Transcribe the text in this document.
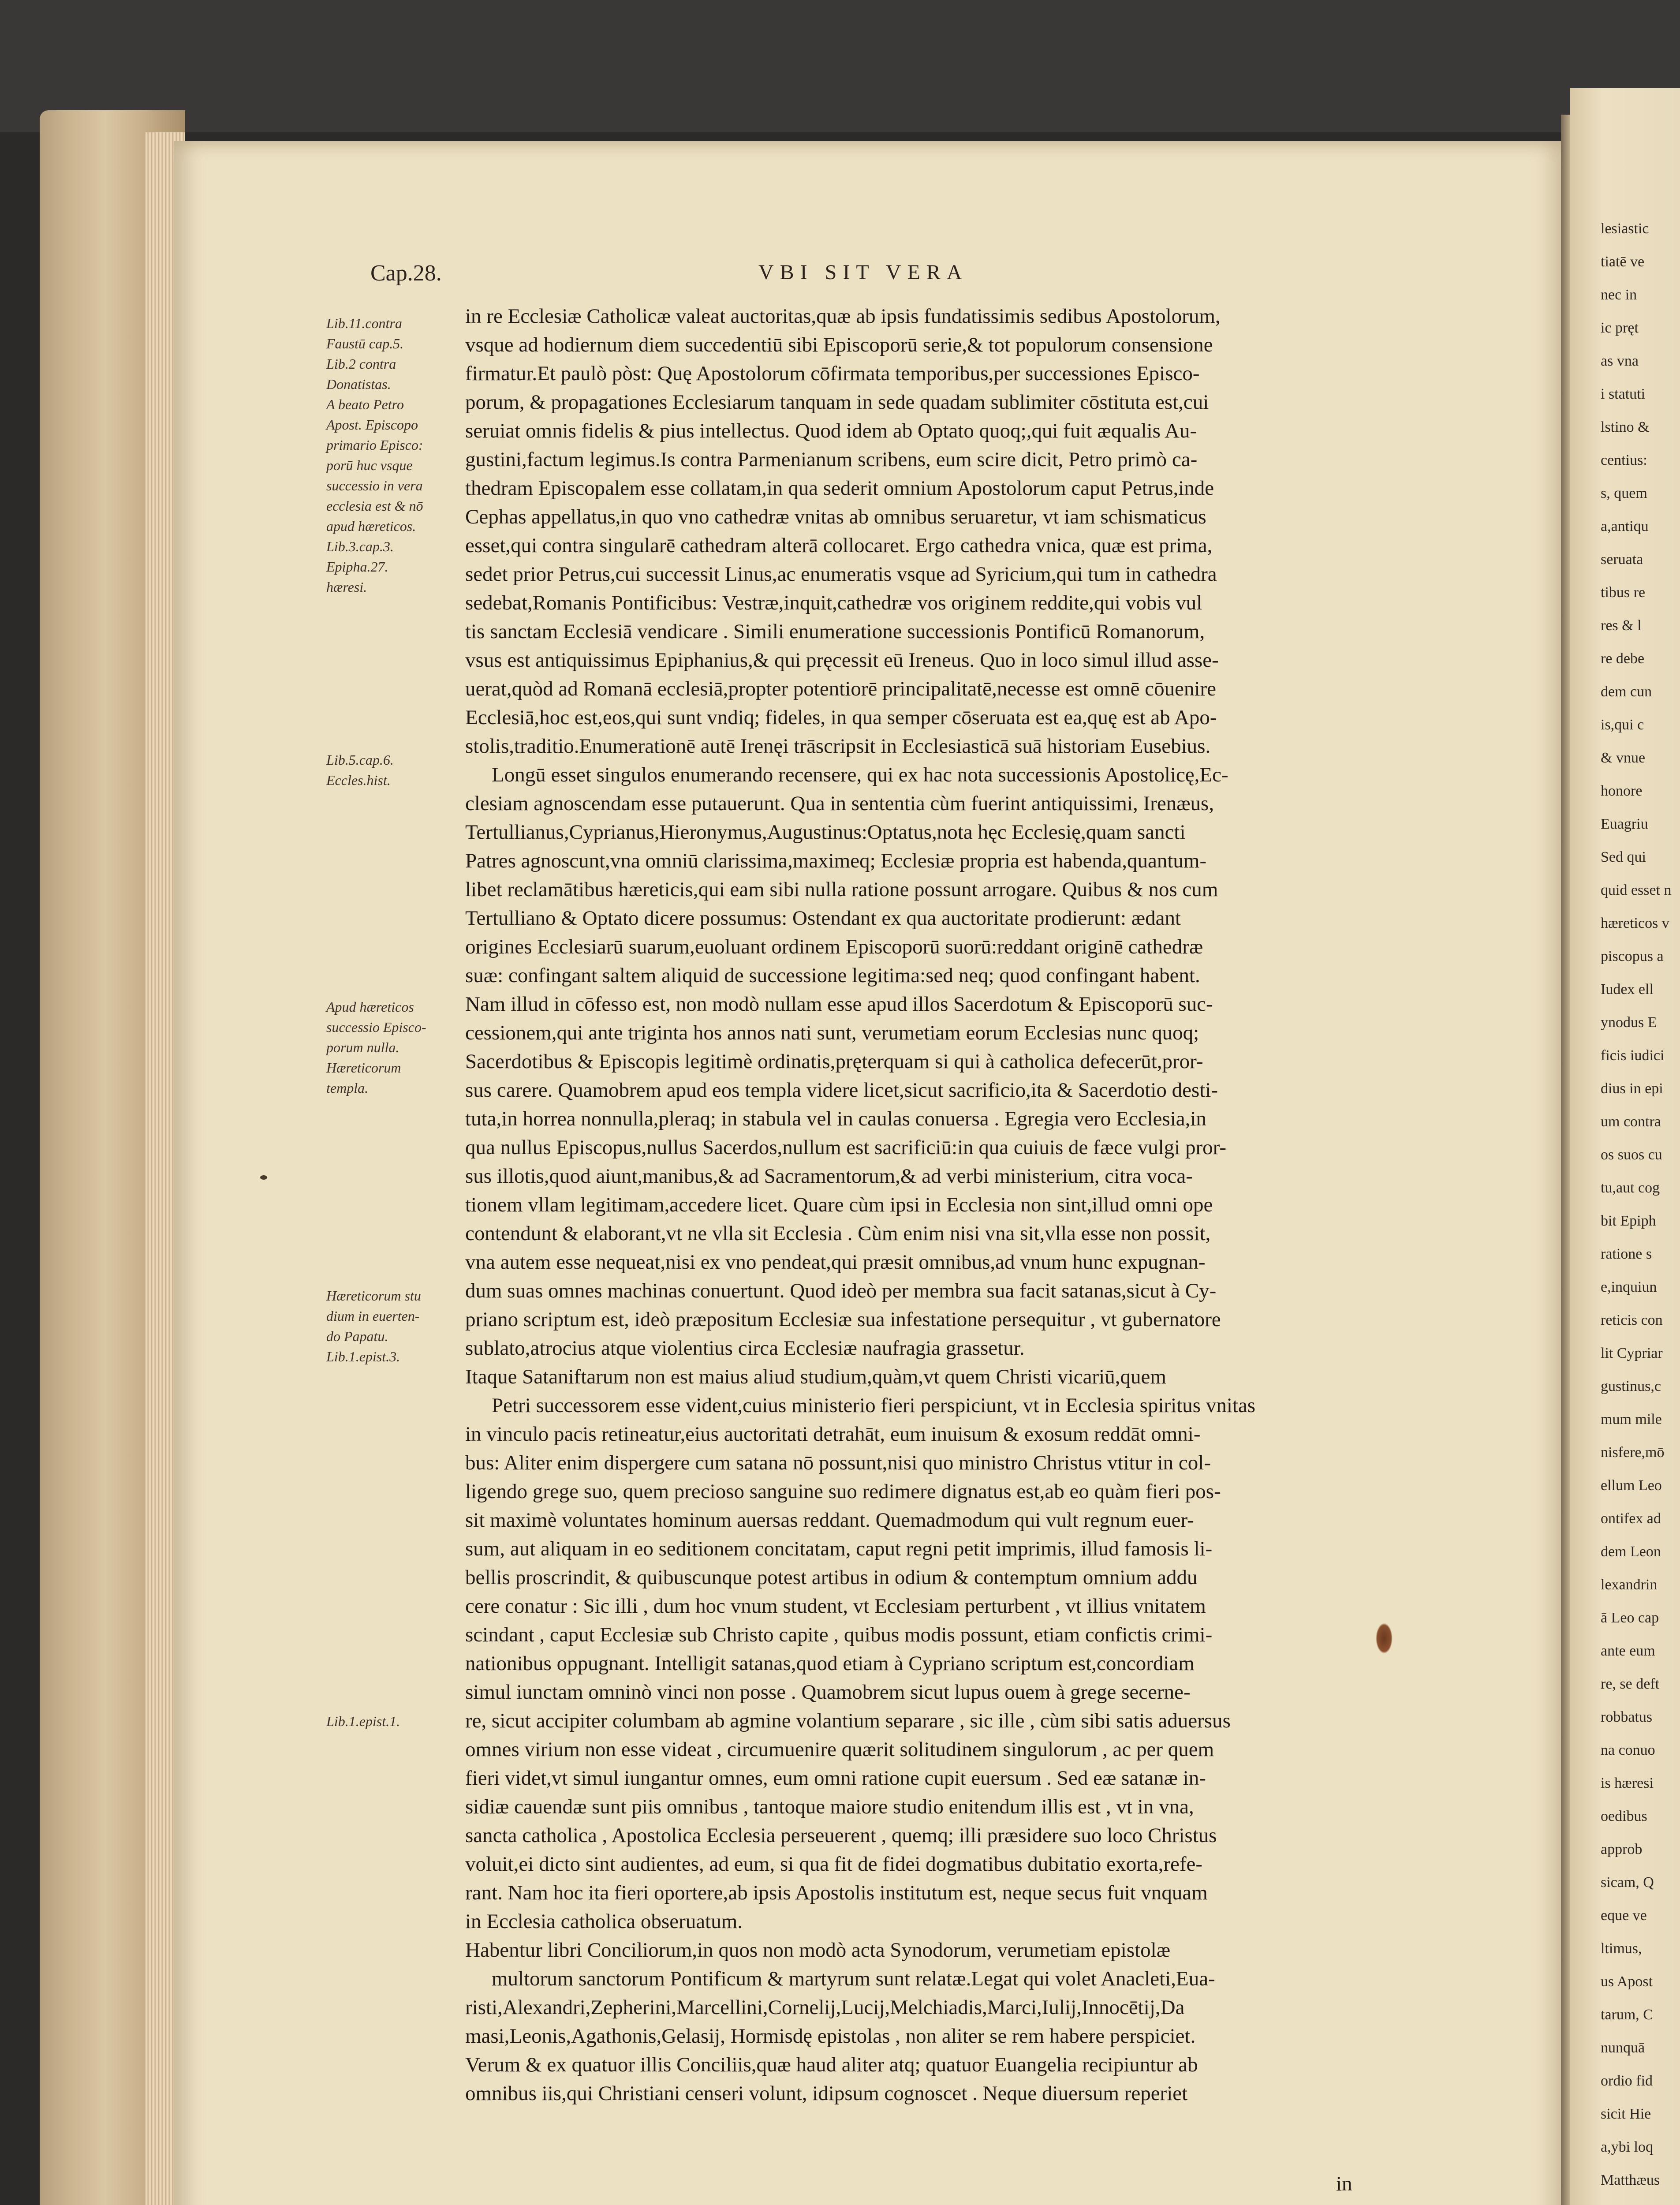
lesiastic
tiatē ve
nec in
ic pręt
as vna
i statuti
lstino &
centius:
s, quem
a,antiqu
seruata
tibus re
res & l
re debe
dem cun
is,qui c
& vnue
honore
Euagriu
Sed qui
quid esset n
hæreticos v
piscopus a
Iudex ell
ynodus E
ficis iudici
dius in epi
um contra
os suos cu
tu,aut cog
bit Epiph
ratione s
e,inquiun
reticis con
lit Cypriar
gustinus,c
mum mile
nisfere,mō
ellum Leo
ontifex ad
dem Leon
lexandrin
ā Leo cap
ante eum
re, se deft
robbatus
na conuo
is hæresi
oedibus
approb
sicam, Q
eque ve
ltimus,
us Apost
tarum, C
nunquā
ordio fid
sicit Hie
a,ybi loq
Matthæus
Cap.28.	VBI SIT VERA
Lib.11.contra
Faustū cap.5.
Lib.2 contra
Donatistas.
A beato Petro
Apost. Episcopo
primario Episco:
porū huc vsque
successio in vera
ecclesia est & nō
apud hæreticos.
Lib.3.cap.3.
Epipha.27.
hæresi.
Lib.5.cap.6.
Eccles.hist.
Apud hæreticos
successio Episco-
porum nulla.
Hæreticorum
templa.
Hæreticorum stu
dium in euerten-
do Papatu.
Lib.1.epist.3.
Lib.1.epist.1.
in re Ecclesiæ Catholicæ valeat auctoritas,quæ ab ipsis fundatissimis sedibus Apostolorum,
vsque ad hodiernum diem succedentiū sibi Episcoporū serie,& tot populorum consensione
firmatur.Et paulò pòst: Quę Apostolorum cōfirmata temporibus,per successiones Episco-
porum, & propagationes Ecclesiarum tanquam in sede quadam sublimiter cōstituta est,cui
seruiat omnis fidelis & pius intellectus. Quod idem ab Optato quoq;,qui fuit æqualis Au-
gustini,factum legimus.Is contra Parmenianum scribens, eum scire dicit, Petro primò ca-
thedram Episcopalem esse collatam,in qua sederit omnium Apostolorum caput Petrus,inde
Cephas appellatus,in quo vno cathedræ vnitas ab omnibus seruaretur, vt iam schismaticus
esset,qui contra singularē cathedram alterā collocaret. Ergo cathedra vnica, quæ est prima,
sedet prior Petrus,cui successit Linus,ac enumeratis vsque ad Syricium,qui tum in cathedra
sedebat,Romanis Pontificibus: Vestræ,inquit,cathedræ vos originem reddite,qui vobis vul
tis sanctam Ecclesiā vendicare . Simili enumeratione successionis Pontificū Romanorum,
vsus est antiquissimus Epiphanius,& qui pręcessit eū Ireneus. Quo in loco simul illud asse-
uerat,quòd ad Romanā ecclesiā,propter potentiorē principalitatē,necesse est omnē cōuenire
Ecclesiā,hoc est,eos,qui sunt vndiq; fideles, in qua semper cōseruata est ea,quę est ab Apo-
stolis,traditio.Enumerationē autē Irenęi trāscripsit in Ecclesiasticā suā historiam Eusebius.
Longū esset singulos enumerando recensere, qui ex hac nota successionis Apostolicę,Ec-
clesiam agnoscendam esse putauerunt. Qua in sententia cùm fuerint antiquissimi, Irenæus,
Tertullianus,Cyprianus,Hieronymus,Augustinus:Optatus,nota hęc Ecclesię,quam sancti
Patres agnoscunt,vna omniū clarissima,maximeq; Ecclesiæ propria est habenda,quantum-
libet reclamātibus hæreticis,qui eam sibi nulla ratione possunt arrogare. Quibus & nos cum
Tertulliano & Optato dicere possumus: Ostendant ex qua auctoritate prodierunt: ædant
origines Ecclesiarū suarum,euoluant ordinem Episcoporū suorū:reddant originē cathedræ
suæ: confingant saltem aliquid de successione legitima:sed neq; quod confingant habent.
Nam illud in cōfesso est, non modò nullam esse apud illos Sacerdotum & Episcoporū suc-
cessionem,qui ante triginta hos annos nati sunt, verumetiam eorum Ecclesias nunc quoq;
Sacerdotibus & Episcopis legitimè ordinatis,pręterquam si qui à catholica defecerūt,pror-
sus carere. Quamobrem apud eos templa videre licet,sicut sacrificio,ita & Sacerdotio desti-
tuta,in horrea nonnulla,pleraq; in stabula vel in caulas conuersa . Egregia vero Ecclesia,in
qua nullus Episcopus,nullus Sacerdos,nullum est sacrificiū:in qua cuiuis de fæce vulgi pror-
sus illotis,quod aiunt,manibus,& ad Sacramentorum,& ad verbi ministerium, citra voca-
tionem vllam legitimam,accedere licet. Quare cùm ipsi in Ecclesia non sint,illud omni ope
contendunt & elaborant,vt ne vlla sit Ecclesia . Cùm enim nisi vna sit,vlla esse non possit,
vna autem esse nequeat,nisi ex vno pendeat,qui præsit omnibus,ad vnum hunc expugnan-
dum suas omnes machinas conuertunt. Quod ideò per membra sua facit satanas,sicut à Cy-
priano scriptum est, ideò præpositum Ecclesiæ sua infestatione persequitur , vt gubernatore
sublato,atrocius atque violentius circa Ecclesiæ naufragia grassetur.
Itaque Sataniftarum non est maius aliud studium,quàm,vt quem Christi vicariū,quem
Petri successorem esse vident,cuius ministerio fieri perspiciunt, vt in Ecclesia spiritus vnitas
in vinculo pacis retineatur,eius auctoritati detrahāt, eum inuisum & exosum reddāt omni-
bus: Aliter enim dispergere cum satana nō possunt,nisi quo ministro Christus vtitur in col-
ligendo grege suo, quem precioso sanguine suo redimere dignatus est,ab eo quàm fieri pos-
sit maximè voluntates hominum auersas reddant. Quemadmodum qui vult regnum euer-
sum, aut aliquam in eo seditionem concitatam, caput regni petit imprimis, illud famosis li-
bellis proscrindit, & quibuscunque potest artibus in odium & contemptum omnium addu
cere conatur : Sic illi , dum hoc vnum student, vt Ecclesiam perturbent , vt illius vnitatem
scindant , caput Ecclesiæ sub Christo capite , quibus modis possunt, etiam confictis crimi-
nationibus oppugnant. Intelligit satanas,quod etiam à Cypriano scriptum est,concordiam
simul iunctam omninò vinci non posse . Quamobrem sicut lupus ouem à grege secerne-
re, sicut accipiter columbam ab agmine volantium separare , sic ille , cùm sibi satis aduersus
omnes virium non esse videat , circumuenire quærit solitudinem singulorum , ac per quem
fieri videt,vt simul iungantur omnes, eum omni ratione cupit euersum . Sed eæ satanæ in-
sidiæ cauendæ sunt piis omnibus , tantoque maiore studio enitendum illis est , vt in vna,
sancta catholica , Apostolica Ecclesia perseuerent , quemq; illi præsidere suo loco Christus
voluit,ei dicto sint audientes, ad eum, si qua fit de fidei dogmatibus dubitatio exorta,refe-
rant. Nam hoc ita fieri oportere,ab ipsis Apostolis institutum est, neque secus fuit vnquam
in Ecclesia catholica obseruatum.
Habentur libri Conciliorum,in quos non modò acta Synodorum, verumetiam epistolæ
multorum sanctorum Pontificum & martyrum sunt relatæ.Legat qui volet Anacleti,Eua-
risti,Alexandri,Zepherini,Marcellini,Cornelij,Lucij,Melchiadis,Marci,Iulij,Innocētij,Da
masi,Leonis,Agathonis,Gelasij, Hormisdę epistolas , non aliter se rem habere perspiciet.
Verum & ex quatuor illis Conciliis,quæ haud aliter atq; quatuor Euangelia recipiuntur ab
omnibus iis,qui Christiani censeri volunt, idipsum cognoscet . Neque diuersum reperiet
in
